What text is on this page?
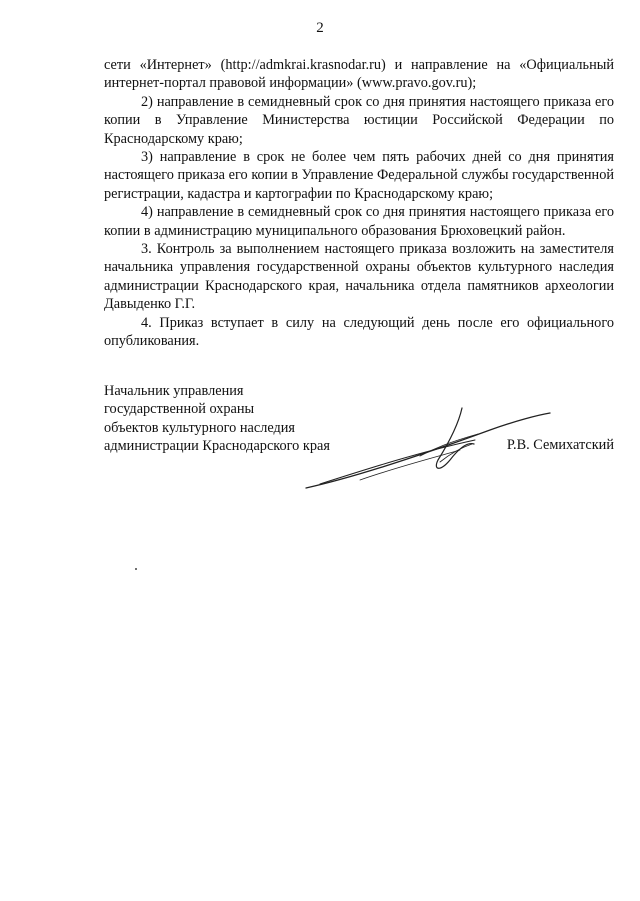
2

сети «Интернет» (http://admkrai.krasnodar.ru) и направление на «Официальный интернет-портал правовой информации» (www.pravo.gov.ru);

2) направление в семидневный срок со дня принятия настоящего приказа его копии в Управление Министерства юстиции Российской Федерации по Краснодарскому краю;

3) направление в срок не более чем пять рабочих дней со дня принятия настоящего приказа его копии в Управление Федеральной службы государственной регистрации, кадастра и картографии по Краснодарскому краю;

4) направление в семидневный срок со дня принятия настоящего приказа его копии в администрацию муниципального образования Брюховецкий район.

3. Контроль за выполнением настоящего приказа возложить на заместителя начальника управления государственной охраны объектов культурного наследия администрации Краснодарского края, начальника отдела памятников археологии Давыденко Г.Г.

4. Приказ вступает в силу на следующий день после его официального опубликования.

Начальник управления
государственной охраны
объектов культурного наследия
администрации Краснодарского края	Р.В. Семихатский
